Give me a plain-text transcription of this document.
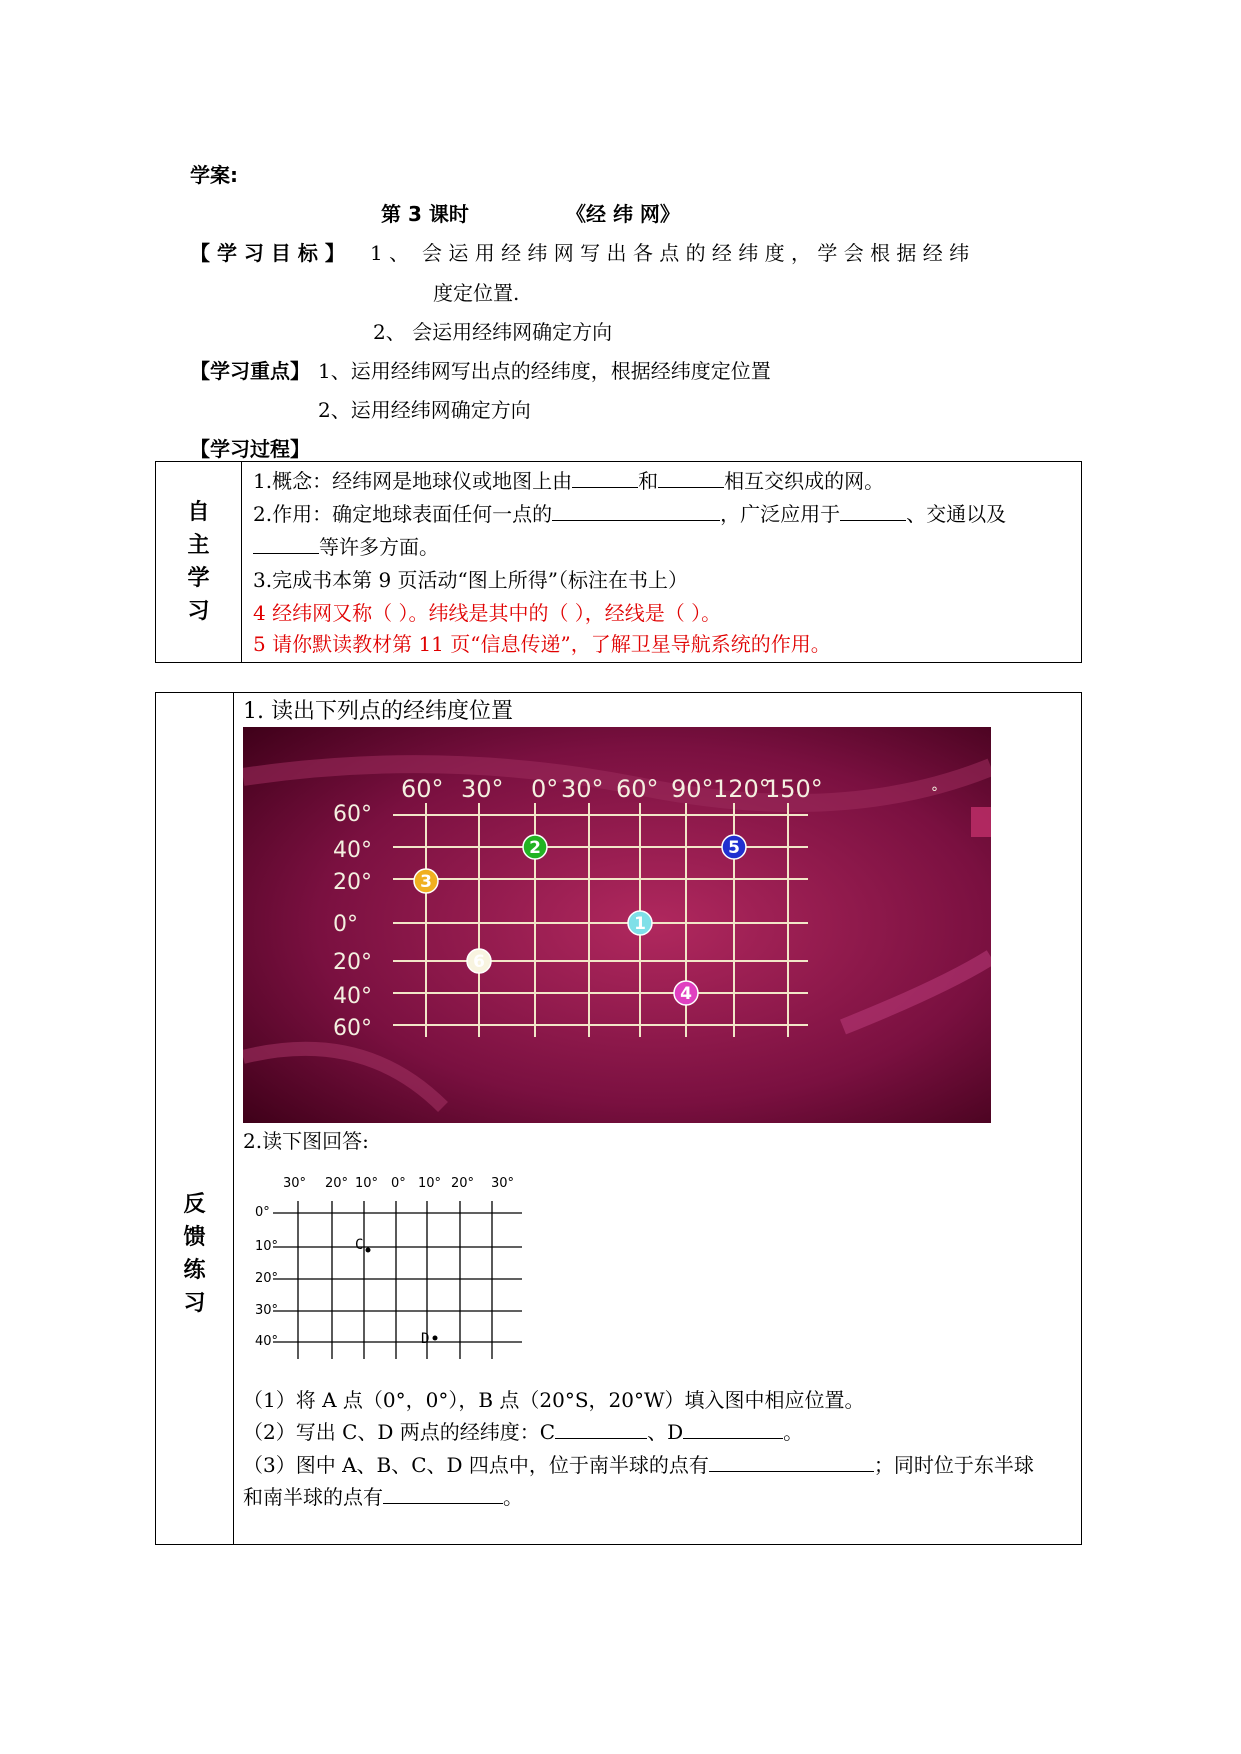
学案:
第 3 课时	《经 纬 网》
【 学 习 目 标 】 1 、 会 运 用 经 纬 网 写 出 各 点 的 经 纬 度 ， 学 会 根 据 经 纬
度定位置.
2、 会运用经纬网确定方向
【学习重点】 1、运用经纬网写出点的经纬度，根据经纬度定位置
2、运用经纬网确定方向
【学习过程】
自
主
学
习

1.概念：经纬网是地球仪或地图上由	和	相互交织成的网。
2.作用：确定地球表面任何一点的	，广泛应用于	、交通以及
等许多方面。
3.完成书本第 9 页活动“图上所得”（标注在书上）
4 经纬网又称（ ）。纬线是其中的（ ），经线是（ ）。
5 请你默读教材第 11 页“信息传递”，了解卫星导航系统的作用。
反
馈
练
习

1. 读出下列点的经纬度位置
60° 30° 0° 30° 60° 90° 120°
150°
60°
40°
20°
0°
20°
40°
60°
1
2
3
4
5
6
°
2.读下图回答:
30° 20° 10° 0° 10° 20° 30°
0°
10°
20°
30°
40°
C
D
（1）将 A 点（0°，0°），B 点（20°S，20°W）填入图中相应位置。
（2）写出 C、D 两点的经纬度：C	、D	。
（3）图中 A、B、C、D 四点中，位于南半球的点有	；同时位于东半球
和南半球的点有	。
